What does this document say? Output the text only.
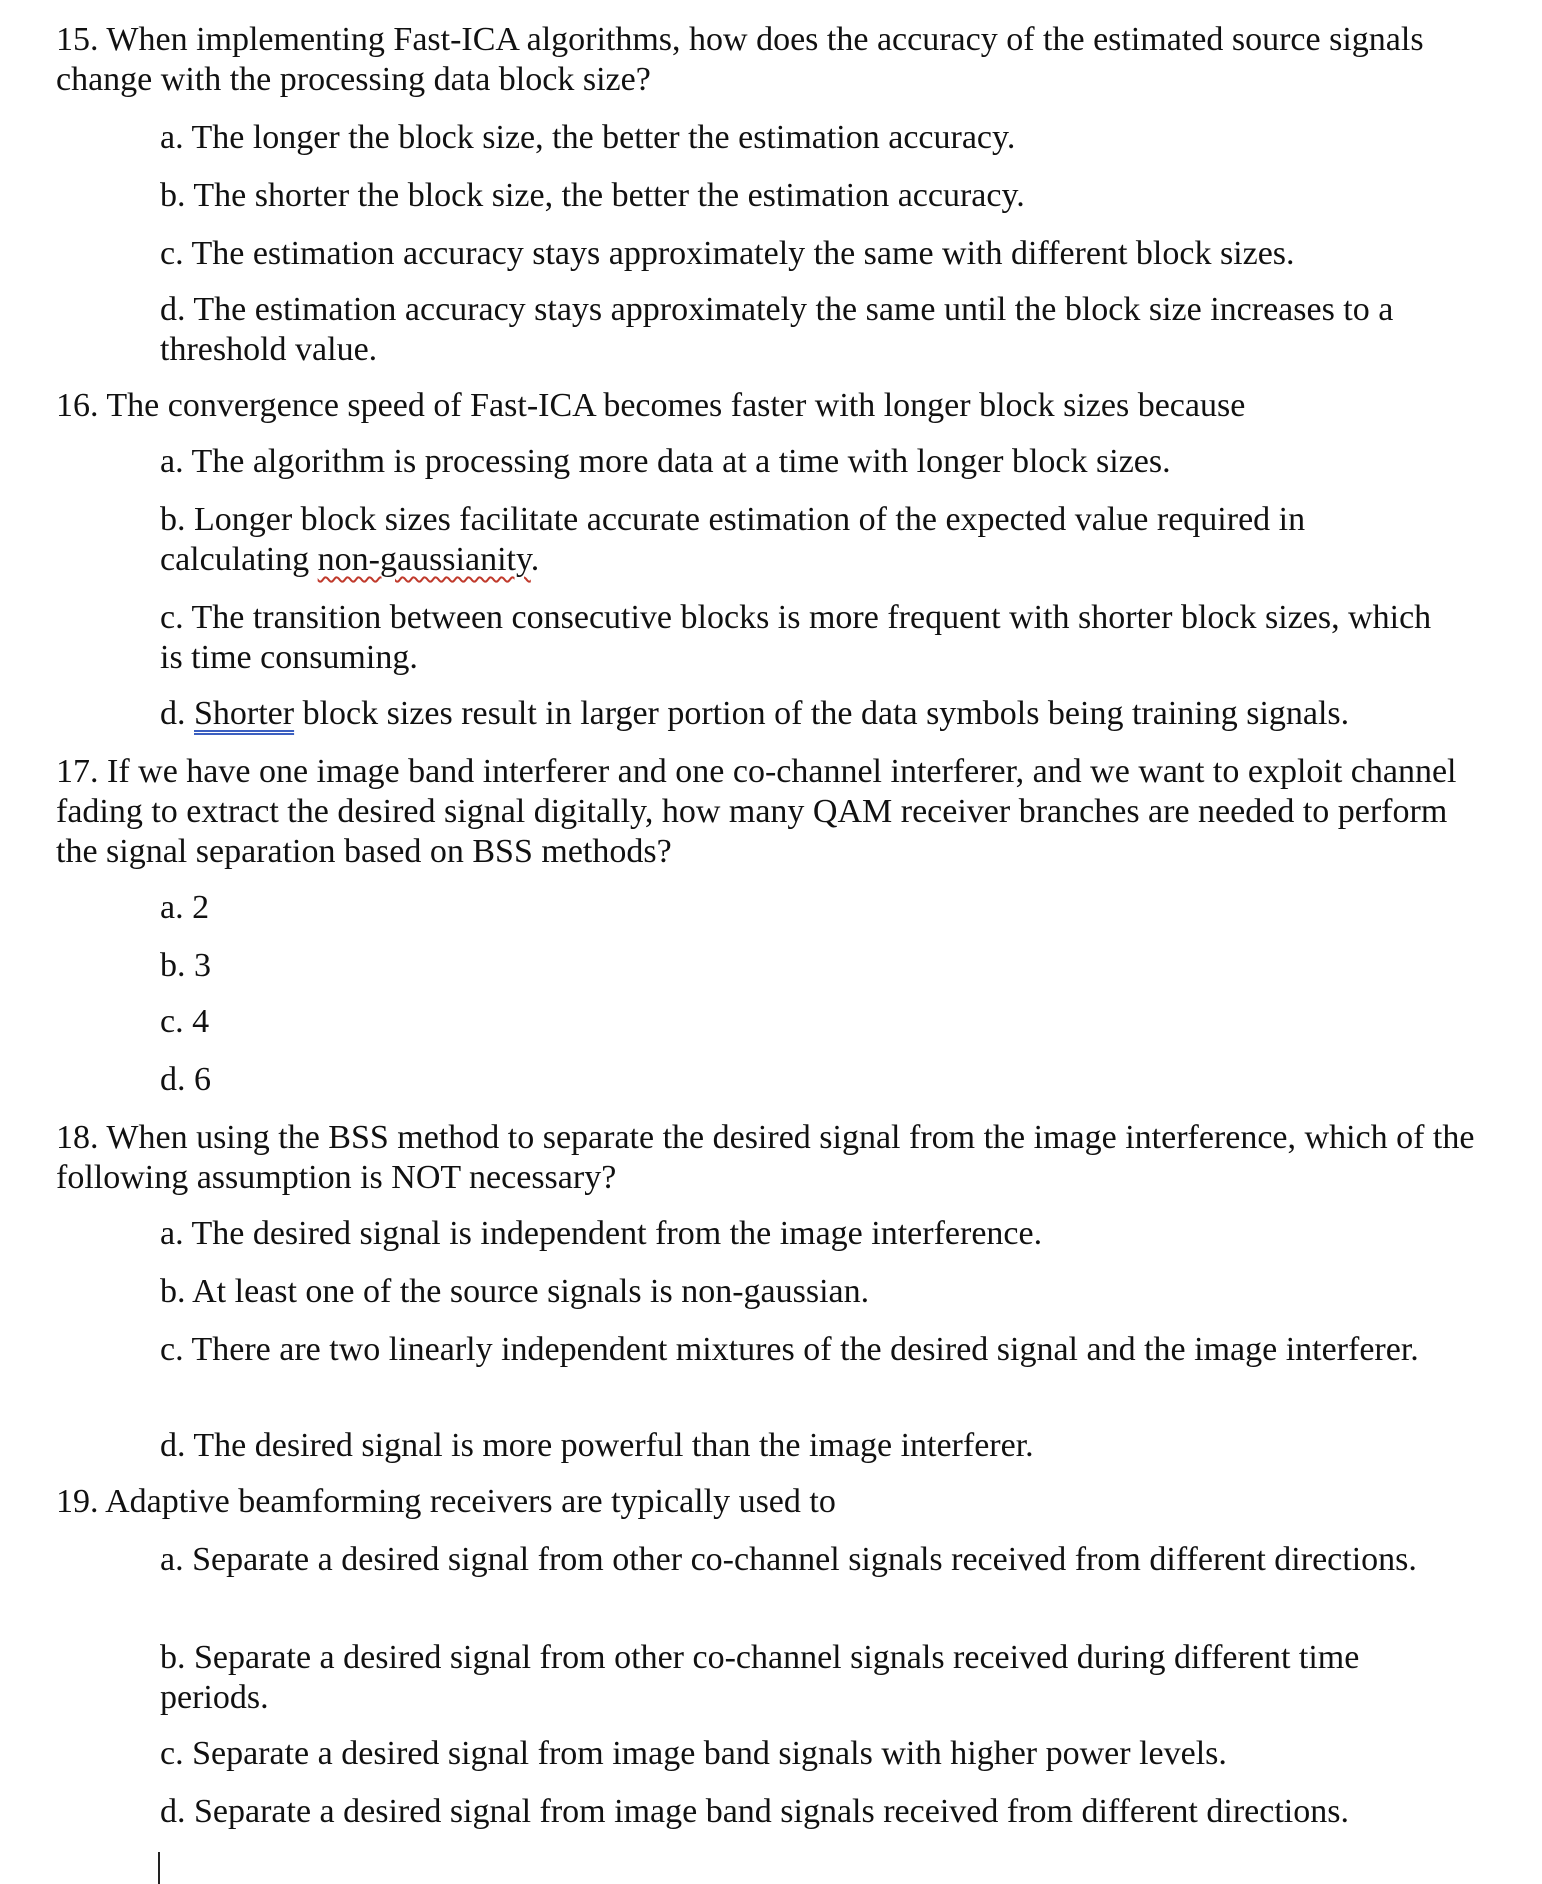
15. When implementing Fast-ICA algorithms, how does the accuracy of the estimated source signals change with the processing data block size?

a. The longer the block size, the better the estimation accuracy.

b. The shorter the block size, the better the estimation accuracy.

c. The estimation accuracy stays approximately the same with different block sizes.

d. The estimation accuracy stays approximately the same until the block size increases to a threshold value.

16. The convergence speed of Fast-ICA becomes faster with longer block sizes because

a. The algorithm is processing more data at a time with longer block sizes.

b. Longer block sizes facilitate accurate estimation of the expected value required in calculating non-gaussianity.

c. The transition between consecutive blocks is more frequent with shorter block sizes, which is time consuming.

d. Shorter block sizes result in larger portion of the data symbols being training signals.

17. If we have one image band interferer and one co-channel interferer, and we want to exploit channel fading to extract the desired signal digitally, how many QAM receiver branches are needed to perform the signal separation based on BSS methods?

a. 2

b. 3

c. 4

d. 6

18. When using the BSS method to separate the desired signal from the image interference, which of the following assumption is NOT necessary?

a. The desired signal is independent from the image interference.

b. At least one of the source signals is non-gaussian.

c. There are two linearly independent mixtures of the desired signal and the image interferer.

d. The desired signal is more powerful than the image interferer.

19. Adaptive beamforming receivers are typically used to

a. Separate a desired signal from other co-channel signals received from different directions.

b. Separate a desired signal from other co-channel signals received during different time periods.

c. Separate a desired signal from image band signals with higher power levels.

d. Separate a desired signal from image band signals received from different directions.
